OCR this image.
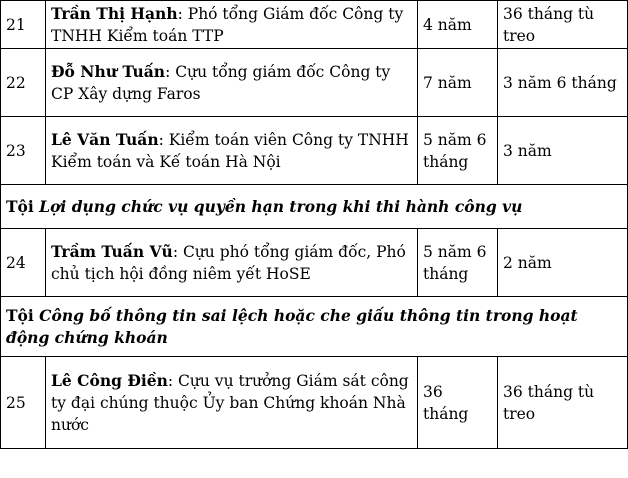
21	Trần Thị Hạnh: Phó tổng Giám đốc Công ty TNHH Kiểm toán TTP	4 năm	36 tháng tù treo
22	Đỗ Như Tuấn: Cựu tổng giám đốc Công ty CP Xây dựng Faros	7 năm	3 năm 6 tháng
23	Lê Văn Tuấn: Kiểm toán viên Công ty TNHH Kiểm toán và Kế toán Hà Nội	5 năm 6 tháng	3 năm
Tội Lợi dụng chức vụ quyền hạn trong khi thi hành công vụ			
24	Trầm Tuấn Vũ: Cựu phó tổng giám đốc, Phó chủ tịch hội đồng niêm yết HoSE	5 năm 6 tháng	2 năm
Tội Công bố thông tin sai lệch hoặc che giấu thông tin trong hoạt động chứng khoán			
25	Lê Công Điền: Cựu vụ trưởng Giám sát công ty đại chúng thuộc Ủy ban Chứng khoán Nhà nước	36 tháng	36 tháng tù treo
